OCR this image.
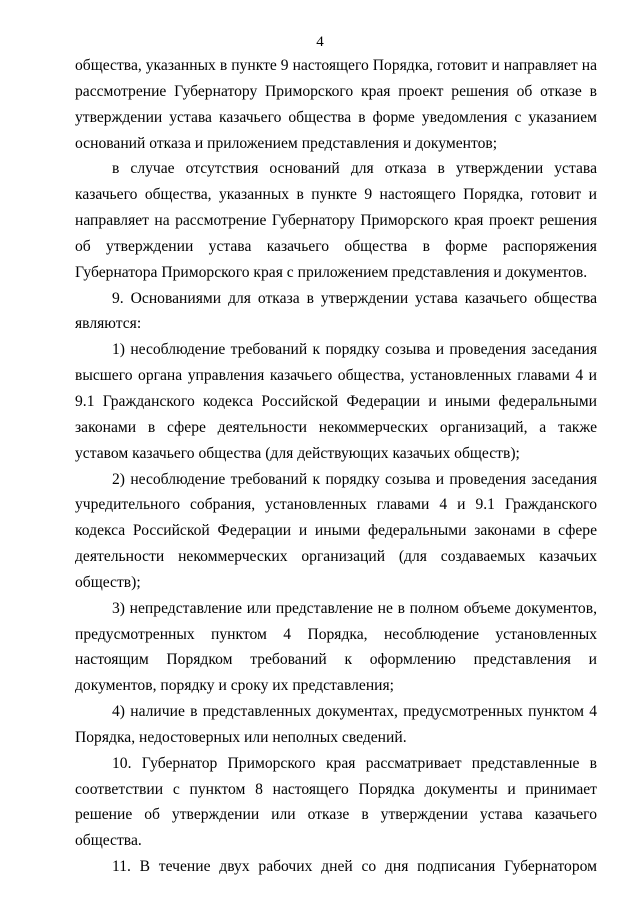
4

общества, указанных в пункте 9 настоящего Порядка, готовит и направляет на рассмотрение Губернатору Приморского края проект решения об отказе в утверждении устава казачьего общества в форме уведомления с указанием оснований отказа и приложением представления и документов;

в случае отсутствия оснований для отказа в утверждении устава казачьего общества, указанных в пункте 9 настоящего Порядка, готовит и направляет на рассмотрение Губернатору Приморского края проект решения об утверждении устава казачьего общества в форме распоряжения Губернатора Приморского края с приложением представления и документов.

9. Основаниями для отказа в утверждении устава казачьего общества являются:

1) несоблюдение требований к порядку созыва и проведения заседания высшего органа управления казачьего общества, установленных главами 4 и 9.1 Гражданского кодекса Российской Федерации и иными федеральными законами в сфере деятельности некоммерческих организаций, а также уставом казачьего общества (для действующих казачьих обществ);

2) несоблюдение требований к порядку созыва и проведения заседания учредительного собрания, установленных главами 4 и 9.1 Гражданского кодекса Российской Федерации и иными федеральными законами в сфере деятельности некоммерческих организаций (для создаваемых казачьих обществ);

3) непредставление или представление не в полном объеме документов, предусмотренных пунктом 4 Порядка, несоблюдение установленных настоящим Порядком требований к оформлению представления и документов, порядку и сроку их представления;

4) наличие в представленных документах, предусмотренных пунктом 4 Порядка, недостоверных или неполных сведений.

10. Губернатор Приморского края рассматривает представленные в соответствии с пунктом 8 настоящего Порядка документы и принимает решение об утверждении или отказе в утверждении устава казачьего общества.

11. В течение двух рабочих дней со дня подписания Губернатором
